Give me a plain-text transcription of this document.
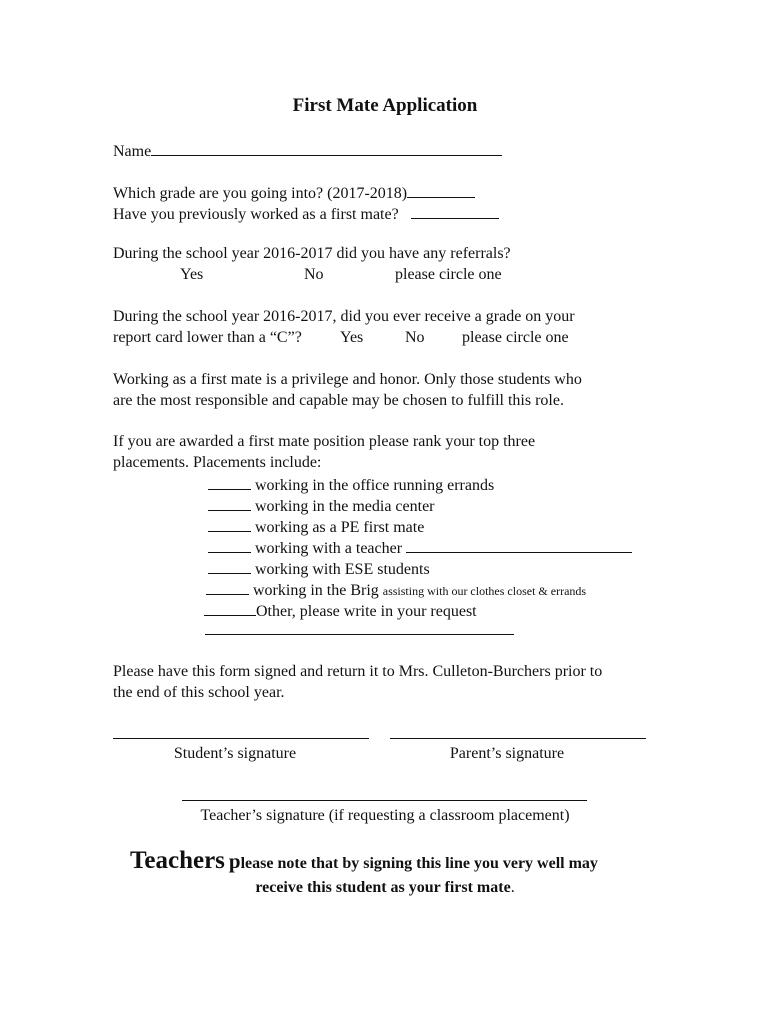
First Mate Application
Name
Which grade are you going into? (2017-2018)
Have you previously worked as a first mate?
During the school year 2016-2017 did you have any referrals?
Yes	No	please circle one
During the school year 2016-2017, did you ever receive a grade on your
report card lower than a “C”? Yes	No please circle one
Working as a first mate is a privilege and honor. Only those students who
are the most responsible and capable may be chosen to fulfill this role.
If you are awarded a first mate position please rank your top three
placements. Placements include:
working in the office running errands
working in the media center
working as a PE first mate
working with a teacher
working with ESE students
working in the Brig assisting with our clothes closet & errands
Other, please write in your request
Please have this form signed and return it to Mrs. Culleton-Burchers prior to
the end of this school year.
Student’s signature	Parent’s signature
Teacher’s signature (if requesting a classroom placement)
Teachers please note that by signing this line you very well may
receive this student as your first mate.
